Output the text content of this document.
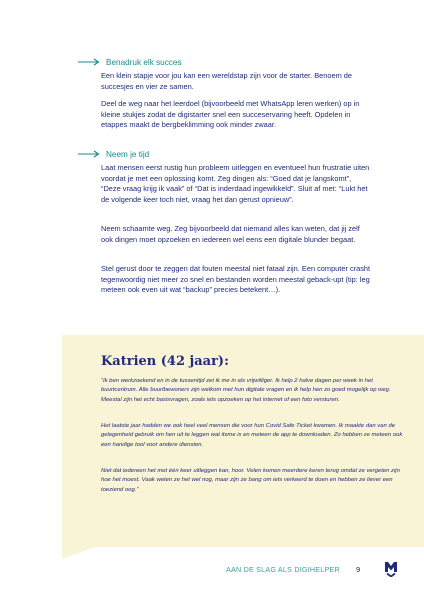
Benadruk elk succes

Een klein stapje voor jou kan een wereldstap zijn voor de starter. Benoem de succesjes en vier ze samen.

Deel de weg naar het leerdoel (bijvoorbeeld met WhatsApp leren werken) op in kleine stukjes zodat de digistarter snel een succeservaring heeft. Opdelen in etappes maakt de bergbeklimming ook minder zwaar.

Neem je tijd

Laat mensen eerst rustig hun probleem uitleggen en eventueel hun frustratie uiten voordat je met een oplossing komt. Zeg dingen als: “Goed dat je langskomt”, “Deze vraag krijg ik vaak” of “Dat is inderdaad ingewikkeld”. Sluit af met: “Lukt het de volgende keer toch niet, vraag het dan gerust opnieuw”.

Neem schaamte weg. Zeg bijvoorbeeld dat niemand alles kan weten, dat jij zelf ook dingen moet opzoeken en iedereen wel eens een digitale blunder begaat.

Stel gerust door te zeggen dat fouten meestal niet fataal zijn. Een computer crasht tegenwoordig niet meer zo snel en bestanden worden meestal geback-upt (tip: leg meteen ook even uit wat “backup” precies betekent…).

Katrien (42 jaar):

“Ik ben werkzoekend en in de tussentijd zet ik me in als vrijwilliger. Ik help 2 halve dagen per week in het buurtcentrum. Alle buurtbewoners zijn welkom met hun digitale vragen en ik help hen zo goed mogelijk op weg. Meestal zijn het echt basisvragen, zoals iets opzoeken op het internet of een foto versturen.

Het laatste jaar hadden we ook heel veel mensen die voor hun Covid Safe Ticket kwamen. Ik maakte dan van de gelegenheid gebruik om hen uit te leggen wat itsme is en meteen de app te downloaden. Zo hebben ze meteen ook een handige tool voor andere diensten.

Niet dat iedereen het met één keer uitleggen kan, hoor. Velen komen meerdere keren terug omdat ze vergeten zijn hoe het moest. Vaak weten ze het wel nog, maar zijn ze bang om iets verkeerd te doen en hebben ze liever een toeziend oog.”

AAN DE SLAG ALS DIGIHELPER 9
